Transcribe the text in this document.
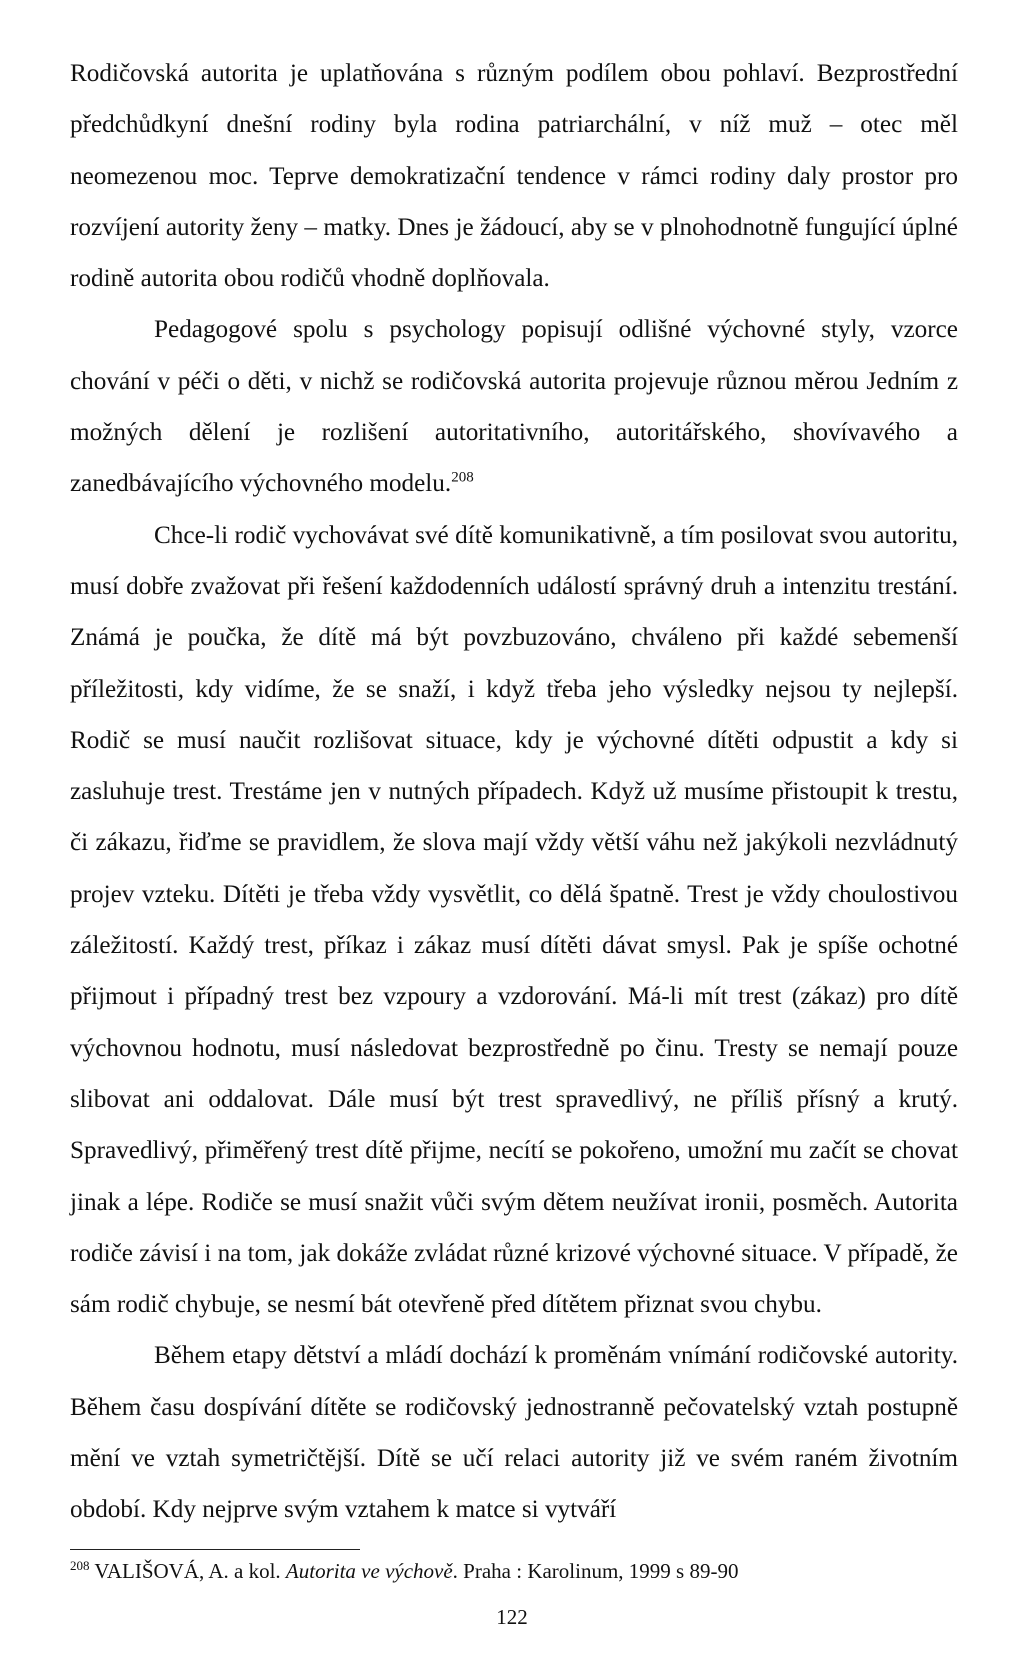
Rodičovská autorita je uplatňována s různým podílem obou pohlaví. Bezprostřední předchůdkyní dnešní rodiny byla rodina patriarchální, v níž muž – otec měl neomezenou moc. Teprve demokratizační tendence v rámci rodiny daly prostor pro rozvíjení autority ženy – matky. Dnes je žádoucí, aby se v plnohodnotně fungující úplné rodině autorita obou rodičů vhodně doplňovala.

Pedagogové spolu s psychology popisují odlišné výchovné styly, vzorce chování v péči o děti, v nichž se rodičovská autorita projevuje různou měrou Jedním z možných dělení je rozlišení autoritativního, autoritářského, shovívavého a zanedbávajícího výchovného modelu.$^{208}$

Chce-li rodič vychovávat své dítě komunikativně, a tím posilovat svou autoritu, musí dobře zvažovat při řešení každodenních událostí správný druh a intenzitu trestání. Známá je poučka, že dítě má být povzbuzováno, chváleno při každé sebemenší příležitosti, kdy vidíme, že se snaží, i když třeba jeho výsledky nejsou ty nejlepší. Rodič se musí naučit rozlišovat situace, kdy je výchovné dítěti odpustit a kdy si zasluhuje trest. Trestáme jen v nutných případech. Když už musíme přistoupit k trestu, či zákazu, řiďme se pravidlem, že slova mají vždy větší váhu než jakýkoli nezvládnutý projev vzteku. Dítěti je třeba vždy vysvětlit, co dělá špatně. Trest je vždy choulostivou záležitostí. Každý trest, příkaz i zákaz musí dítěti dávat smysl. Pak je spíše ochotné přijmout i případný trest bez vzpoury a vzdorování. Má-li mít trest (zákaz) pro dítě výchovnou hodnotu, musí následovat bezprostředně po činu. Tresty se nemají pouze slibovat ani oddalovat. Dále musí být trest spravedlivý, ne příliš přísný a krutý. Spravedlivý, přiměřený trest dítě přijme, necítí se pokořeno, umožní mu začít se chovat jinak a lépe. Rodiče se musí snažit vůči svým dětem neužívat ironii, posměch. Autorita rodiče závisí i na tom, jak dokáže zvládat různé krizové výchovné situace. V případě, že sám rodič chybuje, se nesmí bát otevřeně před dítětem přiznat svou chybu.

Během etapy dětství a mládí dochází k proměnám vnímání rodičovské autority. Během času dospívání dítěte se rodičovský jednostranně pečovatelský vztah postupně mění ve vztah symetričtější. Dítě se učí relaci autority již ve svém raném životním období. Kdy nejprve svým vztahem k matce si vytváří

$^{208}$ VALIŠOVÁ, A. a kol. Autorita ve výchově. Praha : Karolinum, 1999 s 89-90
122
